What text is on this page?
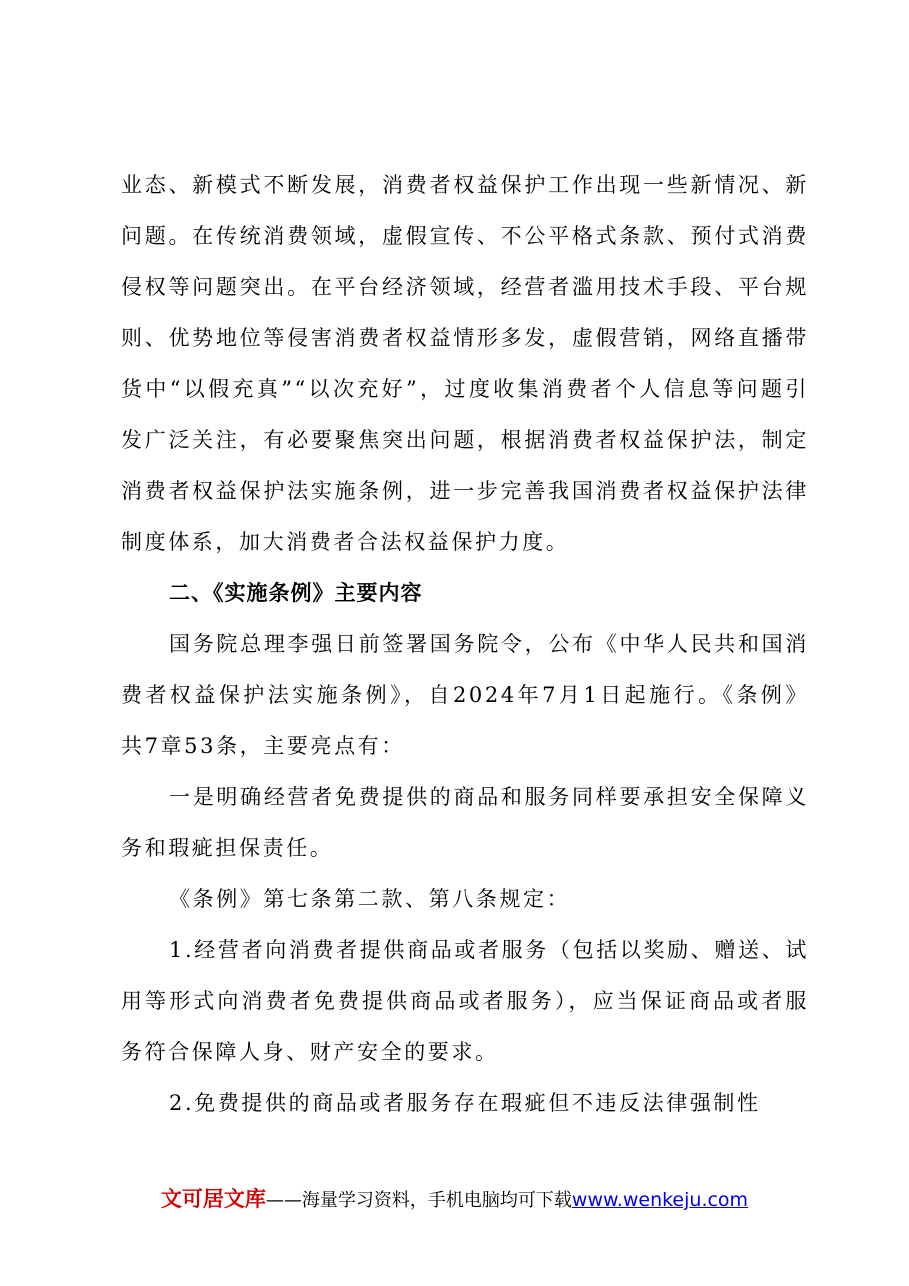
业态、新模式不断发展，消费者权益保护工作出现一些新情况、新问题。在传统消费领域，虚假宣传、不公平格式条款、预付式消费侵权等问题突出。在平台经济领域，经营者滥用技术手段、平台规则、优势地位等侵害消费者权益情形多发，虚假营销，网络直播带货中“以假充真”“以次充好”，过度收集消费者个人信息等问题引发广泛关注，有必要聚焦突出问题，根据消费者权益保护法，制定消费者权益保护法实施条例，进一步完善我国消费者权益保护法律制度体系，加大消费者合法权益保护力度。

二、《实施条例》主要内容

国务院总理李强日前签署国务院令，公布《中华人民共和国消费者权益保护法实施条例》，自2024年7月1日起施行。《条例》共7章53条，主要亮点有：

一是明确经营者免费提供的商品和服务同样要承担安全保障义务和瑕疵担保责任。

《条例》第七条第二款、第八条规定：

1.经营者向消费者提供商品或者服务（包括以奖励、赠送、试用等形式向消费者免费提供商品或者服务），应当保证商品或者服务符合保障人身、财产安全的要求。

2.免费提供的商品或者服务存在瑕疵但不违反法律强制性

文可居文库——海量学习资料，手机电脑均可下载www.wenkeju.com
